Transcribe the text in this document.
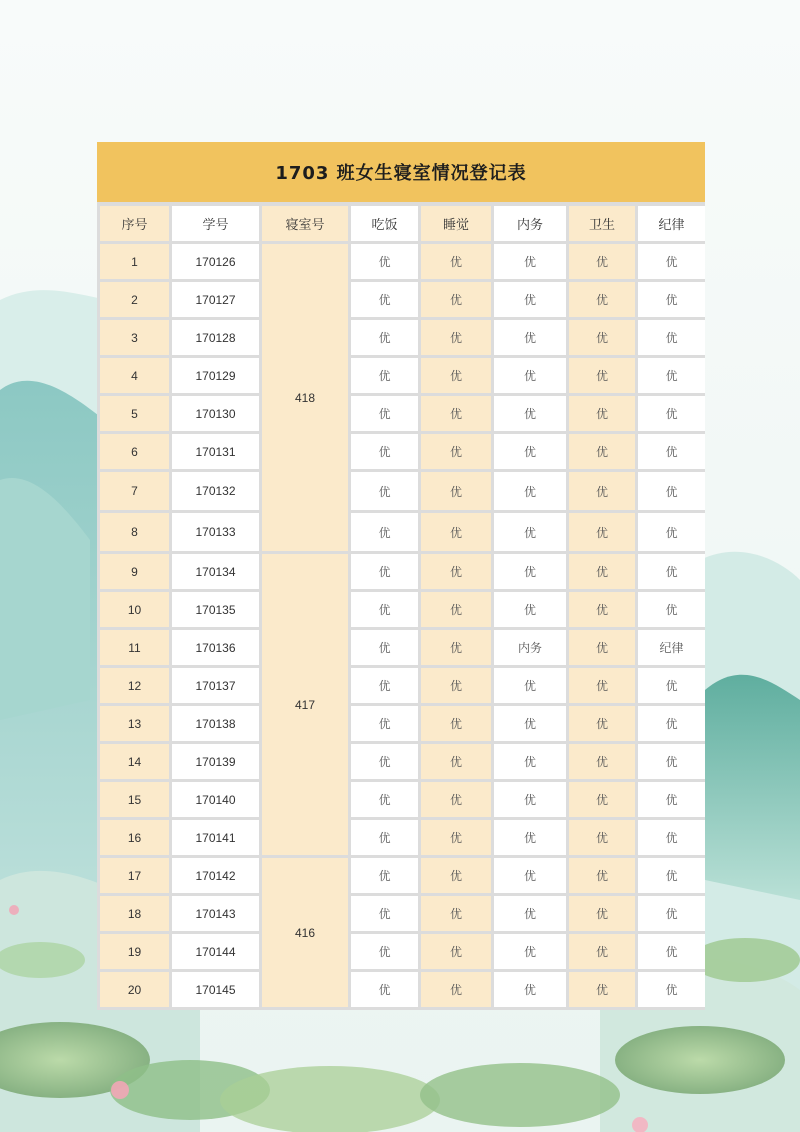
1703 班女生寝室情况登记表
序号	学号	寝室号	吃饭	睡觉	内务	卫生	纪律
1	170126	418	优	优	优	优	优
2	170127		优	优	优	优	优
3	170128		优	优	优	优	优
4	170129		优	优	优	优	优
5	170130		优	优	优	优	优
6	170131		优	优	优	优	优
7	170132		优	优	优	优	优
8	170133		优	优	优	优	优
9	170134	417	优	优	优	优	优
10	170135		优	优	优	优	优
11	170136		优	优	内务	优	纪律
12	170137		优	优	优	优	优
13	170138		优	优	优	优	优
14	170139		优	优	优	优	优
15	170140		优	优	优	优	优
16	170141		优	优	优	优	优
17	170142	416	优	优	优	优	优
18	170143		优	优	优	优	优
19	170144		优	优	优	优	优
20	170145		优	优	优	优	优
